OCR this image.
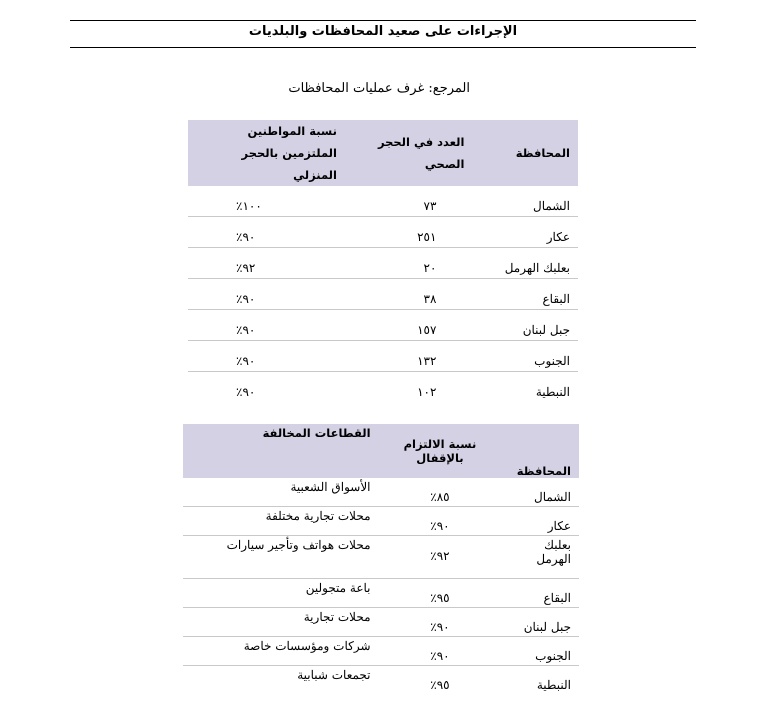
الإجراءات على صعيد المحافظات والبلديات
المرجع: غرف عمليات المحافظات
المحافظة	العدد في الحجر الصحي	نسبة المواطنين الملتزمين بالحجر المنزلي
الشمال	٧٣	١٠٠٪
عكار	٢٥١	٩٠٪
بعلبك الهرمل	٢٠	٩٢٪
البقاع	٣٨	٩٠٪
جبل لبنان	١٥٧	٩٠٪
الجنوب	١٣٢	٩٠٪
النبطية	١٠٢	٩٠٪
المحافظة	نسبة الالتزام بالإقفال	القطاعات المخالفة
الشمال	٨٥٪	الأسواق الشعبية
عكار	٩٠٪	محلات تجارية مختلفة
بعلبك الهرمل	٩٢٪	محلات هواتف وتأجير سيارات
البقاع	٩٥٪	باعة متجولين
جبل لبنان	٩٠٪	محلات تجارية
الجنوب	٩٠٪	شركات ومؤسسات خاصة
النبطية	٩٥٪	تجمعات شبابية
